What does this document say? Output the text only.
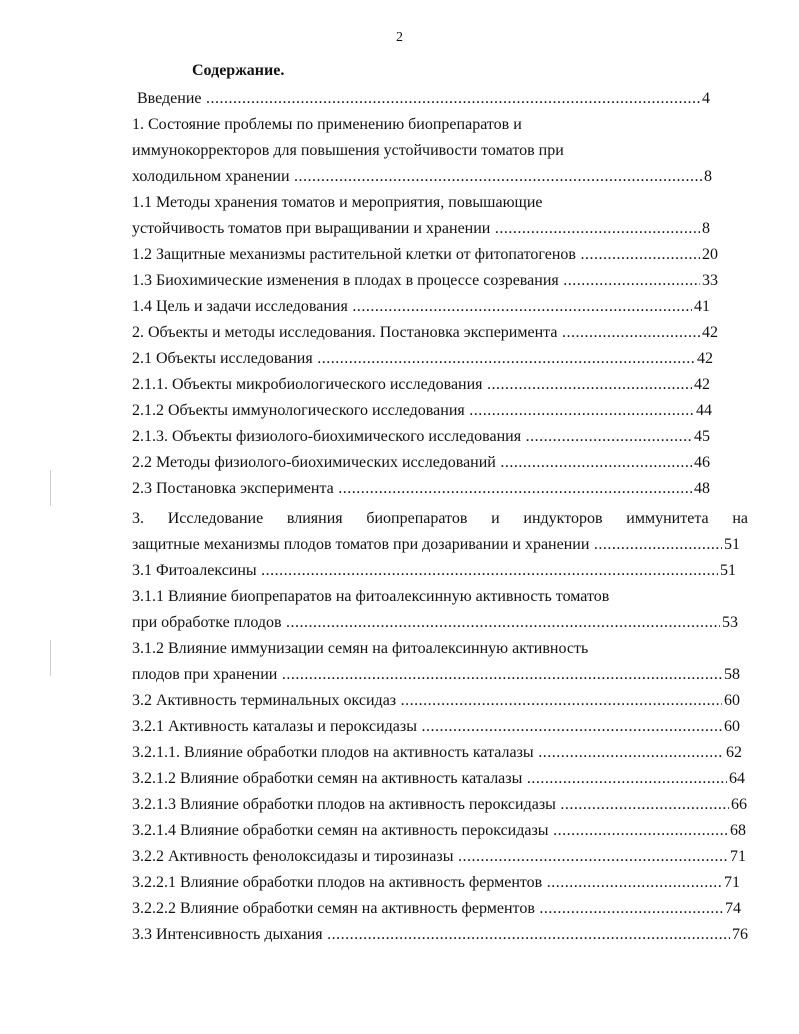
2
Содержание.
Введение	4
.....
1. Состояние проблемы по применению биопрепаратов и
иммунокорректоров для повышения устойчивости томатов при
холодильном хранении	8
.....
1.1 Методы хранения томатов и мероприятия, повышающие
устойчивость томатов при выращивании и хранении	8
.....
1.2 Защитные механизмы растительной клетки от фитопатогенов	20
.....
1.3 Биохимические изменения в плодах в процессе созревания	33
.....
1.4 Цель и задачи исследования	41
.....
2. Объекты и методы исследования. Постановка эксперимента	42
.....
2.1 Объекты исследования	42
.....
2.1.1. Объекты микробиологического исследования	42
.....
2.1.2 Объекты иммунологического исследования	44
.....
2.1.3. Объекты физиолого-биохимического исследования	45
.....
2.2 Методы физиолого-биохимических исследований	46
.....
2.3 Постановка эксперимента	48
.....
3. Исследование влияния биопрепаратов и индукторов иммунитета на
защитные механизмы плодов томатов при дозаривании и хранении	51
.....
3.1 Фитоалексины	51
.....
3.1.1 Влияние биопрепаратов на фитоалексинную активность томатов
при обработке плодов	53
.....
3.1.2 Влияние иммунизации семян на фитоалексинную активность
плодов при хранении	58
.....
3.2 Активность терминальных оксидаз	60
.....
3.2.1 Активность каталазы и пероксидазы	60
.....
3.2.1.1. Влияние обработки плодов на активность каталазы	62
.....
3.2.1.2 Влияние обработки семян на активность каталазы	64
.....
3.2.1.3 Влияние обработки плодов на активность пероксидазы	66
.....
3.2.1.4 Влияние обработки семян на активность пероксидазы	68
.....
3.2.2 Активность фенолоксидазы и тирозиназы	71
.....
3.2.2.1 Влияние обработки плодов на активность ферментов	71
.....
3.2.2.2 Влияние обработки семян на активность ферментов	74
.....
3.3 Интенсивность дыхания	76
.....
